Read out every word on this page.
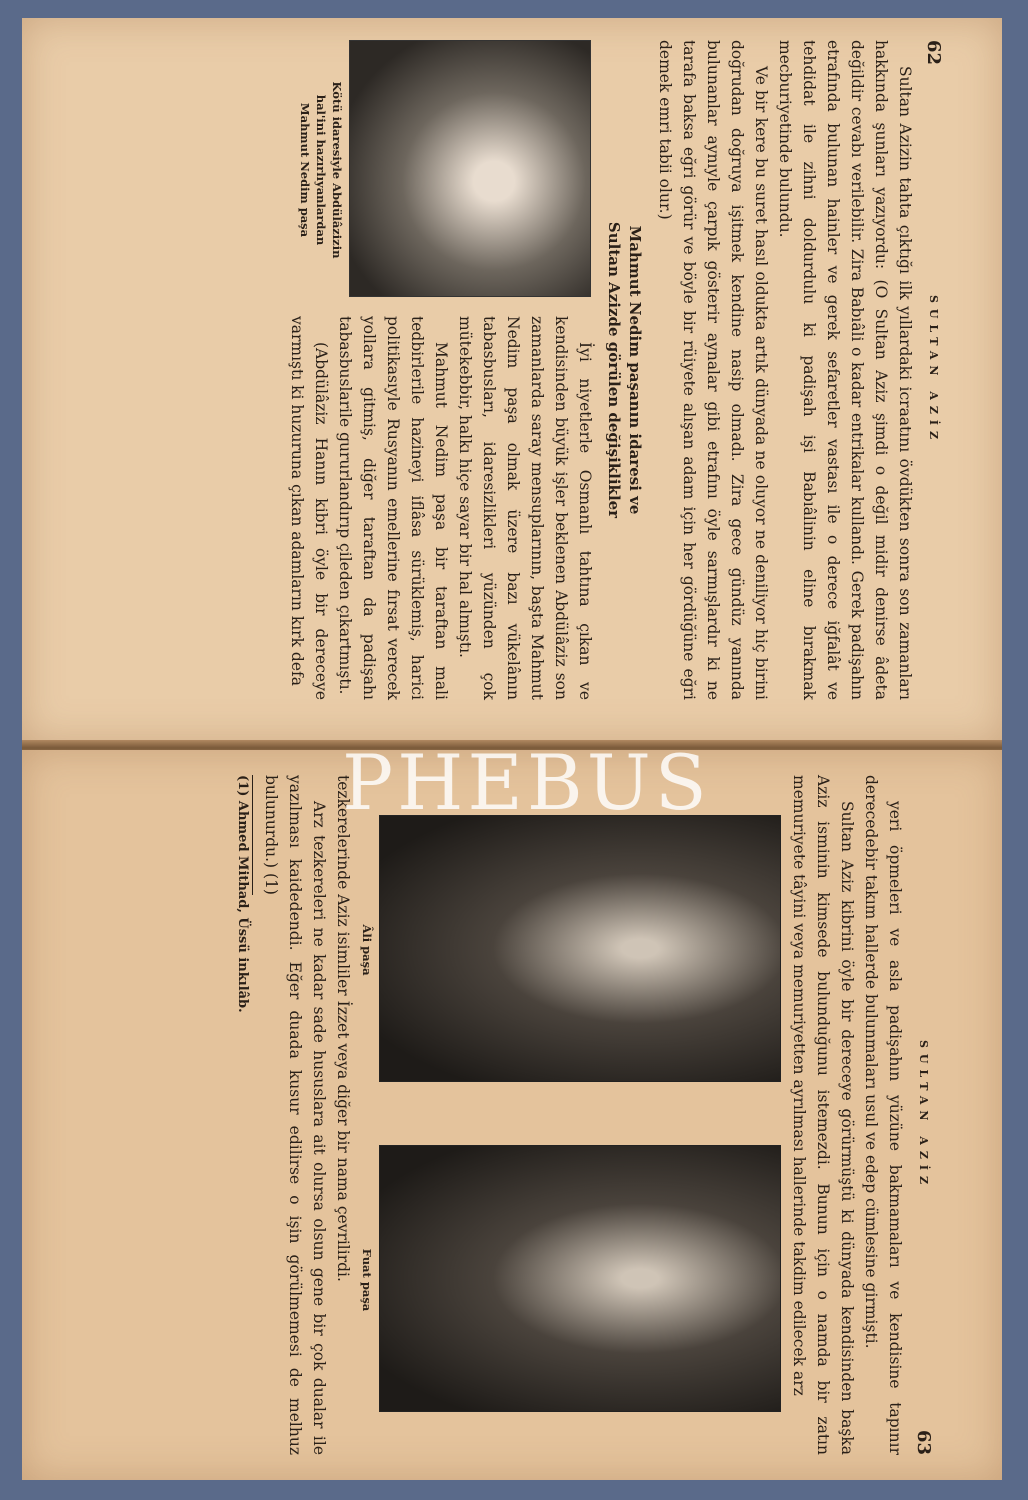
62
SULTAN AZİZ

Sultan Azizin tahta çıktığı ilk yıllardaki icraatını övdükten sonra son zamanları hakkında şunları yazıyordu: (O Sultan Aziz şimdi o değil midir denirse âdeta değildir cevabı verilebilir. Zira Babıâli o kadar entrikalar kullandı. Gerek padişahın etrafında bulunan hainler ve gerek sefaretler vastası ile o derece iğfalât ve tehdidat ile zihni doldurdulu ki padişah işi Babıâlinin eline bırakmak mecburiyetinde bulundu.

Ve bir kere bu suret hasıl oldukta artık dünyada ne oluyor ne deniliyor hiç birini doğrudan doğruya işitmek kendine nasip olmadı. Zira gece gündüz yanında bulunanlar aynıyle çarpık gösterir aynalar gibi etrafını öyle sarmışlardır ki ne tarafa baksa eğri görür ve böyle bir rüiyete alışan adam için her gördüğüne eğri demek emri tabii olur.)

Mahmut Nedim paşanın idaresi ve
Sultan Azizde görülen değişiklikler
Kötü idaresiyle Abdülâzizin
hal'ini hazırlıyanlardan
Mahmut Nedim paşa

İyi niyetlerle Osmanlı tahtına çıkan ve kendisinden büyük işler beklenen Abdülâziz son zamanlarda saray mensuplarının, başta Mahmut Nedim paşa olmak üzere bazı vükelânın tabasbusları, idaresizlikleri yüzünden çok mütekebbir, halkı hiçe sayar bir hal almıştı.

Mahmut Nedim paşa bir taraftan mali tedbirlerile hazineyi iflâsa sürüklemiş, harici politikasıyle Rusyanın emellerine fırsat verecek yollara gitmiş, diğer taraftan da padişahı tabasbuslarile gururlandırıp çileden çıkartmıştı.

(Abdülâziz Hanın kibri öyle bir dereceye varmıştı ki huzuruna çıkan adamların kırk defa

SULTAN AZİZ
63

yeri öpmeleri ve asla padişahın yüzüne bakmamaları ve kendisine tapınır derecedebir takım hallerde bulunmaları usul ve edep cümlesine girmişti.

Sultan Aziz kibrini öyle bir dereceye görürmüştü ki dünyada kendisinden başka Aziz isminin kimsede bulunduğunu istemezdi. Bunun için o namda bir zatın memuriyete tâyini veya memuriyetten ayrılması hallerinde takdim edilecek arz

Âli paşa
Fuat paşa

tezkerelerinde Aziz isimliler İzzet veya diğer bir nama çevrilirdi.

Arz tezkereleri ne kadar sade hususlara ait olursa olsun gene bir çok dualar ile yazılması kaidedendi. Eğer duada kusur edilirse o işin görülmemesi de melhuz bulunurdu.) (1)

(1) Ahmed Mithad, Üssü inkılâb. PHEBUS
